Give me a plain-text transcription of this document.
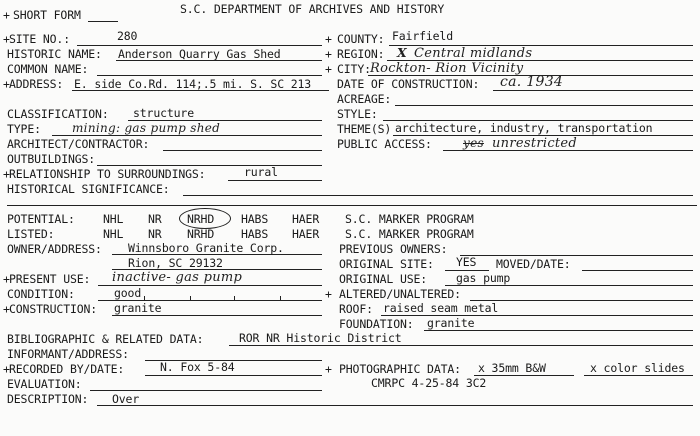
+ SHORT FORM	S.C. DEPARTMENT OF ARCHIVES AND HISTORY
+ SITE NO.:	280
HISTORIC NAME: Anderson Quarry Gas Shed
COMMON NAME:
+ ADDRESS: E. side Co.Rd. 114;.5 mi. S. SC 213
CLASSIFICATION: structure
TYPE:	mining: gas pump shed
ARCHITECT/CONTRACTOR:
OUTBUILDINGS:
+ RELATIONSHIP TO SURROUNDINGS:	rural
HISTORICAL SIGNIFICANCE:
+ COUNTY: Fairfield
+ REGION: X Central midlands
+ CITY: Rockton- Rion Vicinity
DATE OF CONSTRUCTION: ca. 1934
ACREAGE:
STYLE:
THEME(S) architecture, industry, transportation
PUBLIC ACCESS:	yes unrestricted
POTENTIAL: NHL NR NRHD HABS HAER S.C. MARKER PROGRAM
LISTED:	NHL NR NRHD HABS HAER S.C. MARKER PROGRAM
OWNER/ADDRESS: Winnsboro Granite Corp.
Rion, SC 29132
PREVIOUS OWNERS:
ORIGINAL SITE: YES MOVED/DATE:
+ PRESENT USE: inactive- gas pump	ORIGINAL USE:	gas pump
CONDITION:	good	+ ALTERED/UNALTERED:
+ CONSTRUCTION: granite	ROOF: raised seam metal
FOUNDATION: granite
BIBLIOGRAPHIC & RELATED DATA:	ROR NR Historic District
INFORMANT/ADDRESS:
+ RECORDED BY/DATE:	N. Fox 5-84	+ PHOTOGRAPHIC DATA: x 35mm B&W	x color slides
EVALUATION:	CMRPC 4-25-84 3C2
DESCRIPTION: Over
